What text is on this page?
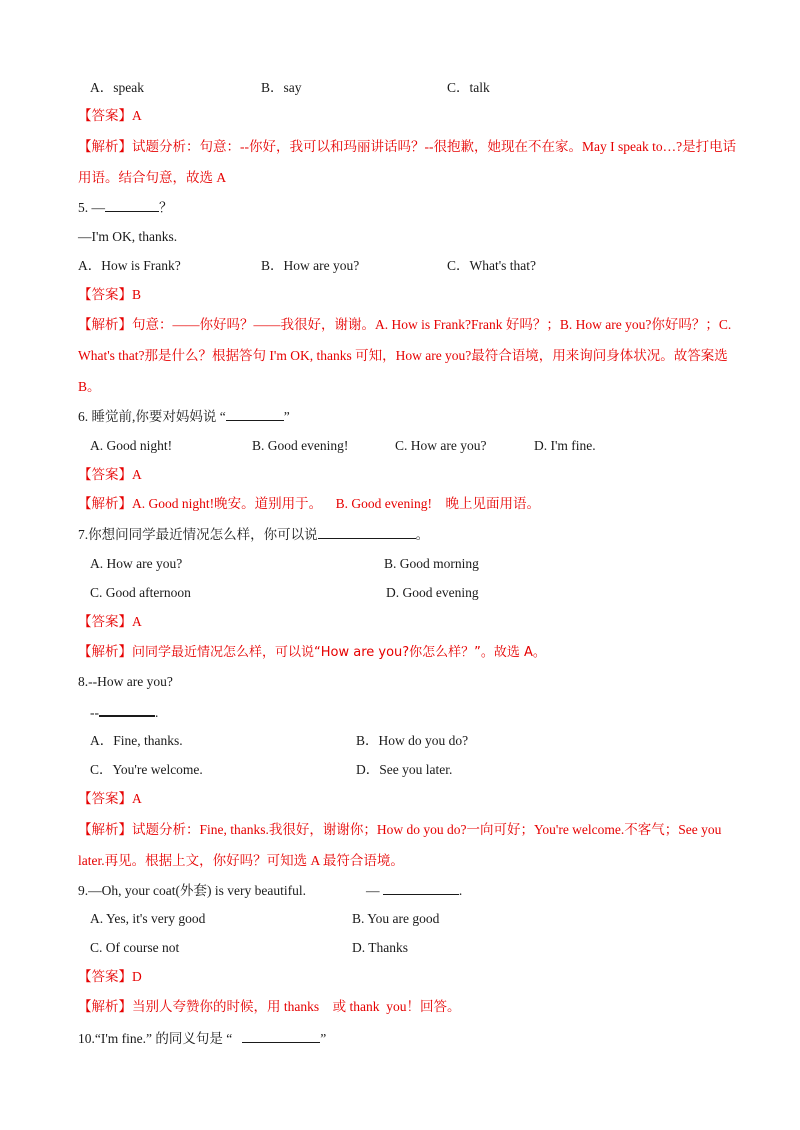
A．speak	B．say	C．talk
【答案】A
【解析】试题分析：句意：--你好，我可以和玛丽讲话吗？--很抱歉，她现在不在家。May I speak to…?是打电话用语。结合句意，故选 A
5. —	？
—I'm OK, thanks.
A．How is Frank?	B．How are you?	C．What's that?
【答案】B
【解析】句意：——你好吗？——我很好，谢谢。A. How is Frank?Frank 好吗？；B. How are you?你好吗？；C. What's that?那是什么？根据答句 I'm OK, thanks 可知，How are you?最符合语境，用来询问身体状况。故答案选 B。
6. 睡觉前,你要对妈妈说 “	”
A. Good night!	B. Good evening!	C. How are you?	D. I'm fine.
【答案】A
【解析】A. Good night!晚安。道别用于。    B. Good evening!    晚上见面用语。
7.你想问同学最近情况怎么样，你可以说	。
A. How are you?	B. Good morning
C. Good afternoon	D. Good evening
【答案】A
【解析】问同学最近情况怎么样，可以说“How are you?你怎么样？”。故选 A。
8.--How are you?
--	.
A．Fine, thanks.	B．How do you do?
C．You're welcome.	D．See you later.
【答案】A
【解析】试题分析：Fine, thanks.我很好，谢谢你；How do you do?一向可好；You're welcome.不客气；See you later.再见。根据上文，你好吗？可知选 A 最符合语境。
9.—Oh, your coat(外套) is very beautiful.	—	.
A. Yes, it's very good	B. You are good
C. Of course not	D. Thanks
【答案】D
【解析】当别人夸赞你的时候，用 thanks    或 thank  you！回答。
10.“I'm fine.” 的同义句是 “	”
